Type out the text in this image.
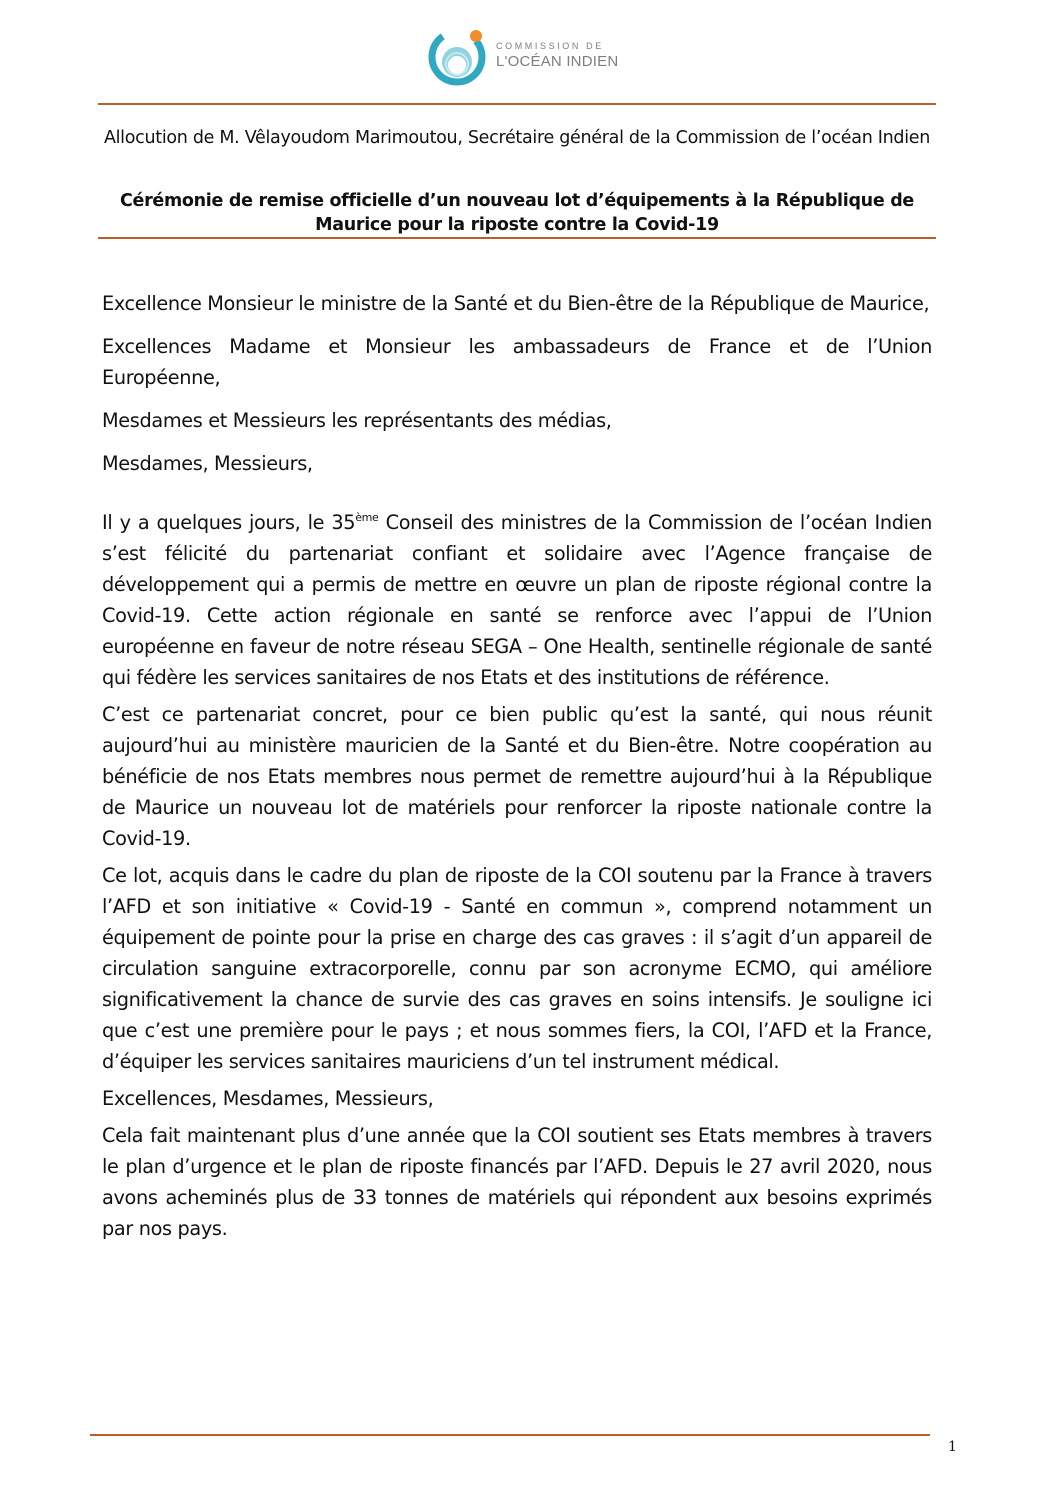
COMMISSION DE
L'OCÉAN INDIEN
Allocution de M. Vêlayoudom Marimoutou, Secrétaire général de la Commission de l’océan Indien
Cérémonie de remise officielle d’un nouveau lot d’équipements à la République de Maurice pour la riposte contre la Covid-19

Excellence Monsieur le ministre de la Santé et du Bien-être de la République de Maurice,

Excellences Madame et Monsieur les ambassadeurs de France et de l’Union Européenne,

Mesdames et Messieurs les représentants des médias,

Mesdames, Messieurs,

Il y a quelques jours, le 35ème Conseil des ministres de la Commission de l’océan Indien s’est félicité du partenariat confiant et solidaire avec l’Agence française de développement qui a permis de mettre en œuvre un plan de riposte régional contre la Covid-19. Cette action régionale en santé se renforce avec l’appui de l’Union européenne en faveur de notre réseau SEGA – One Health, sentinelle régionale de santé qui fédère les services sanitaires de nos Etats et des institutions de référence.

C’est ce partenariat concret, pour ce bien public qu’est la santé, qui nous réunit aujourd’hui au ministère mauricien de la Santé et du Bien-être. Notre coopération au bénéficie de nos Etats membres nous permet de remettre aujourd’hui à la République de Maurice un nouveau lot de matériels pour renforcer la riposte nationale contre la Covid-19.

Ce lot, acquis dans le cadre du plan de riposte de la COI soutenu par la France à travers l’AFD et son initiative « Covid-19 - Santé en commun », comprend notamment un équipement de pointe pour la prise en charge des cas graves : il s’agit d’un appareil de circulation sanguine extracorporelle, connu par son acronyme ECMO, qui améliore significativement la chance de survie des cas graves en soins intensifs. Je souligne ici que c’est une première pour le pays ; et nous sommes fiers, la COI, l’AFD et la France, d’équiper les services sanitaires mauriciens d’un tel instrument médical.

Excellences, Mesdames, Messieurs,

Cela fait maintenant plus d’une année que la COI soutient ses Etats membres à travers le plan d’urgence et le plan de riposte financés par l’AFD. Depuis le 27 avril 2020, nous avons acheminés plus de 33 tonnes de matériels qui répondent aux besoins exprimés par nos pays.

1
